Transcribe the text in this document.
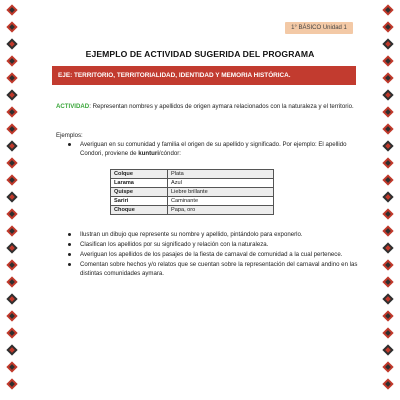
1° BÁSICO Unidad 1
EJEMPLO DE ACTIVIDAD SUGERIDA DEL PROGRAMA
EJE: TERRITORIO, TERRITORIALIDAD, IDENTIDAD Y MEMORIA HISTÓRICA.
ACTIVIDAD: Representan nombres y apellidos de origen aymara relacionados con la naturaleza y el territorio.
Ejemplos:
Averiguan en su comunidad y familia el origen de su apellido y significado. Por ejemplo: El apellido Condori, proviene de kunturi/cóndor:
Colque	Plata
Larama	Azul
Quispe	Liebre brillante
Sariri	Caminante
Choque	Papa, oro
Ilustran un dibujo que represente su nombre y apellido, pintándolo para exponerlo.
Clasifican los apellidos por su significado y relación con la naturaleza.
Averiguan los apellidos de los pasajes de la fiesta de carnaval de comunidad a la cual pertenece.
Comentan sobre hechos y/o relatos que se cuentan sobre la representación del carnaval andino en las distintas comunidades aymara.
